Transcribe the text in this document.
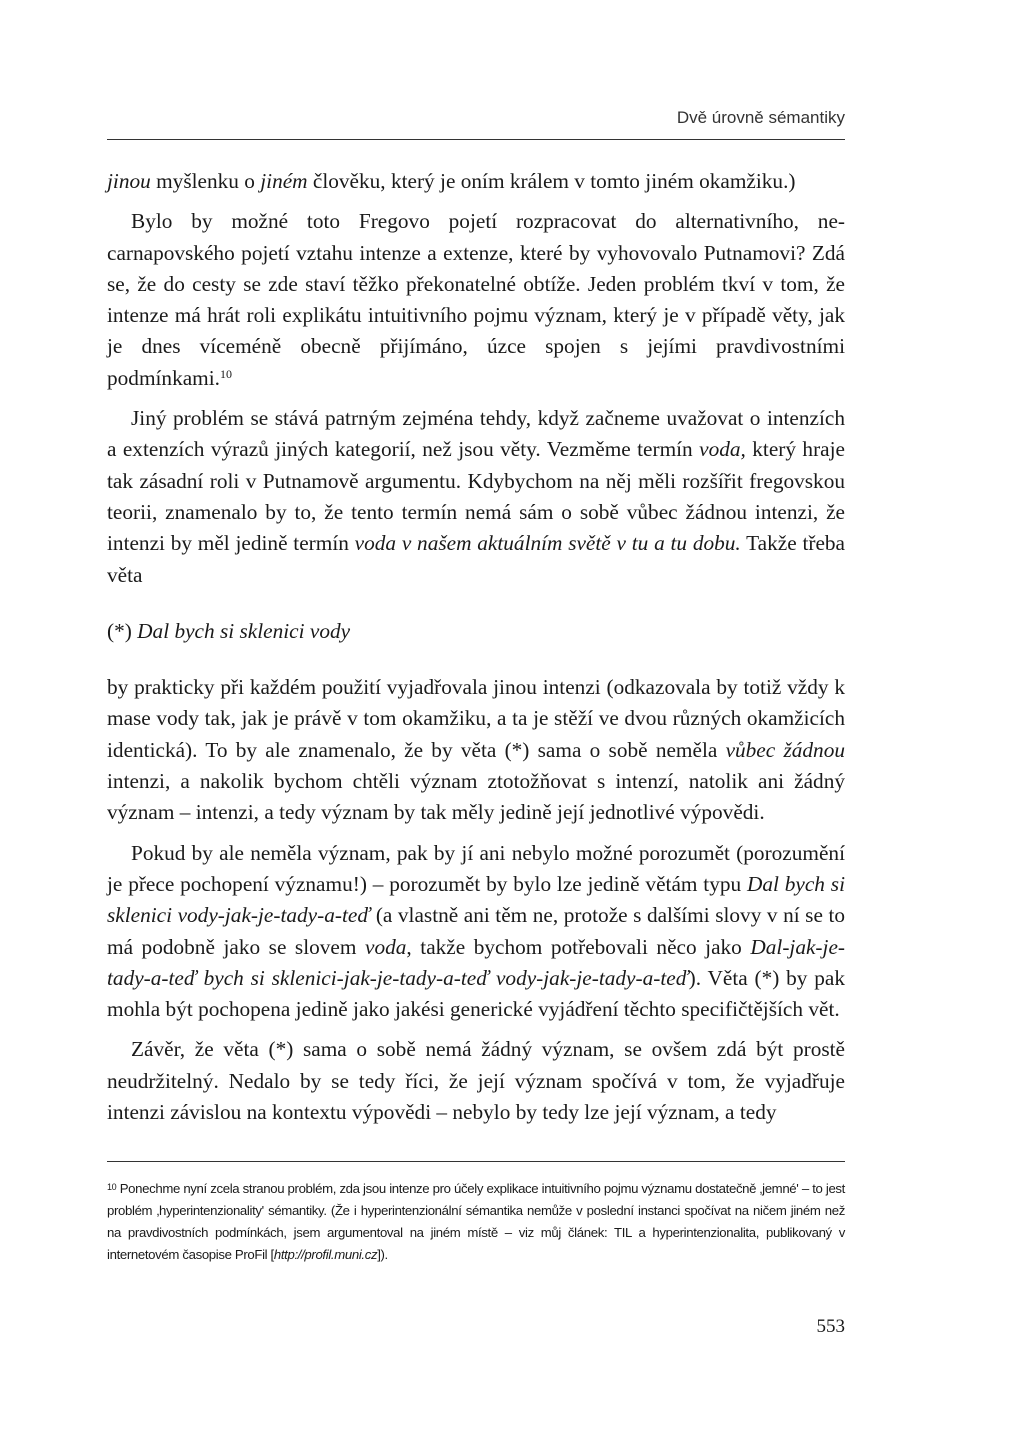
Dvě úrovně sémantiky

jinou myšlenku o jiném člověku, který je oním králem v tomto jiném okamžiku.)

Bylo by možné toto Fregovo pojetí rozpracovat do alternativního, ne-carnapovského pojetí vztahu intenze a extenze, které by vyhovovalo Putnamovi? Zdá se, že do cesty se zde staví těžko překonatelné obtíže. Jeden problém tkví v tom, že intenze má hrát roli explikátu intuitivního pojmu význam, který je v případě věty, jak je dnes víceméně obecně přijímáno, úzce spojen s jejími pravdivostními podmínkami.$^{10}$

Jiný problém se stává patrným zejména tehdy, když začneme uvažovat o intenzích a extenzích výrazů jiných kategorií, než jsou věty. Vezměme termín voda, který hraje tak zásadní roli v Putnamově argumentu. Kdybychom na něj měli rozšířit fregovskou teorii, znamenalo by to, že tento termín nemá sám o sobě vůbec žádnou intenzi, že intenzi by měl jedině termín voda v našem aktuálním světě v tu a tu dobu. Takže třeba věta

(*) Dal bych si sklenici vody

by prakticky při každém použití vyjadřovala jinou intenzi (odkazovala by totiž vždy k mase vody tak, jak je právě v tom okamžiku, a ta je stěží ve dvou různých okamžicích identická). To by ale znamenalo, že by věta (*) sama o sobě neměla vůbec žádnou intenzi, a nakolik bychom chtěli význam ztotožňovat s intenzí, natolik ani žádný význam – intenzi, a tedy význam by tak měly jedině její jednotlivé výpovědi.

Pokud by ale neměla význam, pak by jí ani nebylo možné porozumět (porozumění je přece pochopení významu!) – porozumět by bylo lze jedině větám typu Dal bych si sklenici vody-jak-je-tady-a-teď (a vlastně ani těm ne, protože s dalšími slovy v ní se to má podobně jako se slovem voda, takže bychom potřebovali něco jako Dal-jak-je-tady-a-teď bych si sklenici-jak-je-tady-a-teď vody-jak-je-tady-a-teď). Věta (*) by pak mohla být pochopena jedině jako jakési generické vyjádření těchto specifičtějších vět.

Závěr, že věta (*) sama o sobě nemá žádný význam, se ovšem zdá být prostě neudržitelný. Nedalo by se tedy říci, že její význam spočívá v tom, že vyjadřuje intenzi závislou na kontextu výpovědi – nebylo by tedy lze její význam, a tedy

$^{10}$ Ponechme nyní zcela stranou problém, zda jsou intenze pro účely explikace intuitivního pojmu významu dostatečně ‚jemné' – to jest problém ‚hyperintenzionality' sémantiky. (Že i hyperintenzionální sémantika nemůže v poslední instanci spočívat na ničem jiném než na pravdivostních podmínkách, jsem argumentoval na jiném místě – viz můj článek: TIL a hyperintenzionalita, publikovaný v internetovém časopise ProFil [http://profil.muni.cz]).

553
